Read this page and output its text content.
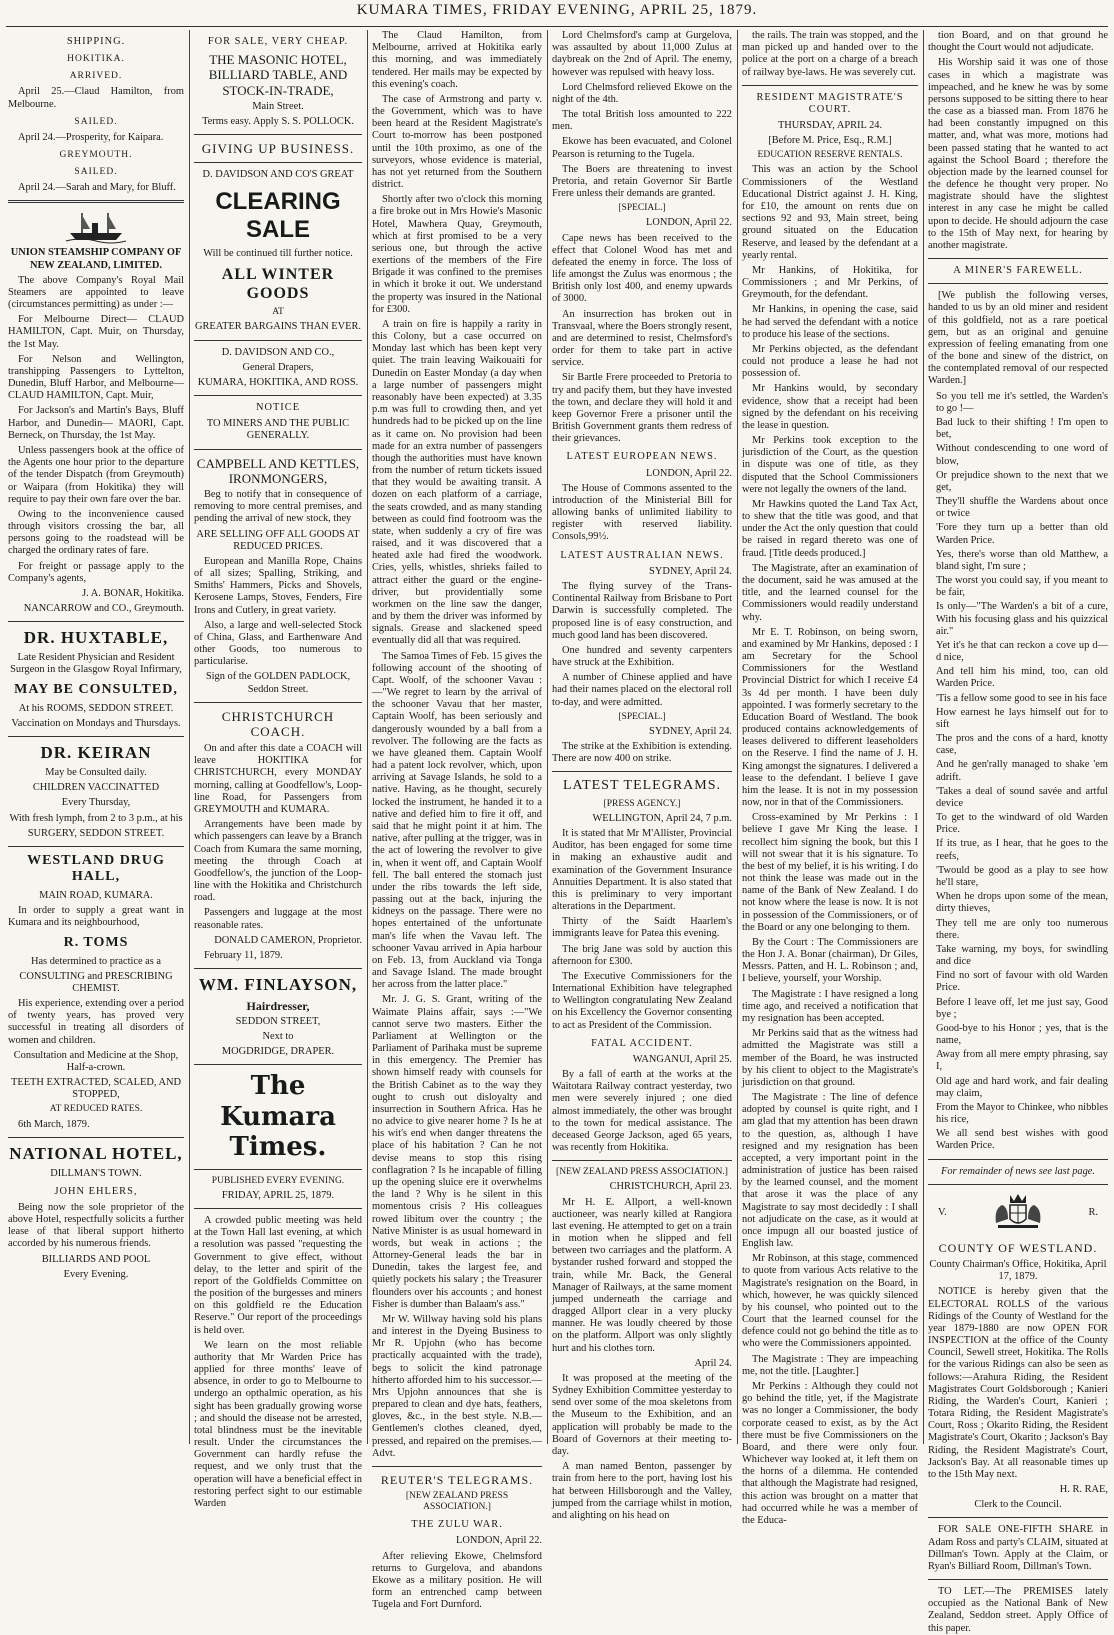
KUMARA TIMES, FRIDAY EVENING, APRIL 25, 1879.
SHIPPING.
HOKITIKA.
ARRIVED.

April 25.—Claud Hamilton, from Melbourne.

SAILED.

April 24.—Prosperity, for Kaipara.

GREYMOUTH.
SAILED.

April 24.—Sarah and Mary, for Bluff.

UNION STEAMSHIP COMPANY OF NEW ZEALAND, LIMITED.

The above Company's Royal Mail Steamers are appointed to leave (circumstances permitting) as under :—

For Melbourne Direct— CLAUD HAMILTON, Capt. Muir, on Thursday, the 1st May.

For Nelson and Wellington, transhipping Passengers to Lyttelton, Dunedin, Bluff Harbor, and Melbourne— CLAUD HAMILTON, Capt. Muir,

For Jackson's and Martin's Bays, Bluff Harbor, and Dunedin— MAORI, Capt. Berneck, on Thursday, the 1st May.

Unless passengers book at the office of the Agents one hour prior to the departure of the tender Dispatch (from Greymouth) or Waipara (from Hokitika) they will require to pay their own fare over the bar.

Owing to the inconvenience caused through visitors crossing the bar, all persons going to the roadstead will be charged the ordinary rates of fare.

For freight or passage apply to the Company's agents,

J. A. BONAR, Hokitika.

NANCARROW and CO., Greymouth.

DR. HUXTABLE,

Late Resident Physician and Resident Surgeon in the Glasgow Royal Infirmary,

MAY BE CONSULTED,

At his ROOMS, SEDDON STREET.

Vaccination on Mondays and Thursdays.

DR. KEIRAN

May be Consulted daily.

CHILDREN VACCINATTED

Every Thursday,

With fresh lymph, from 2 to 3 p.m., at his

SURGERY, SEDDON STREET.

WESTLAND DRUG HALL,

MAIN ROAD, KUMARA.

In order to supply a great want in Kumara and its neighbourhood,

R. TOMS

Has determined to practice as a

CONSULTING and PRESCRIBING CHEMIST.

His experience, extending over a period of twenty years, has proved very successful in treating all disorders of women and children.

Consultation and Medicine at the Shop, Half-a-crown.

TEETH EXTRACTED, SCALED, AND STOPPED,

AT REDUCED RATES.

6th March, 1879.

NATIONAL HOTEL,

DILLMAN'S TOWN.

JOHN EHLERS,

Being now the sole proprietor of the above Hotel, respectfully solicits a further lease of that liberal support hitherto accorded by his numerous friends.

BILLIARDS AND POOL

Every Evening.

FOR SALE, VERY CHEAP.

THE MASONIC HOTEL, BILLIARD TABLE, AND STOCK-IN-TRADE,

Main Street.

Terms easy. Apply S. S. POLLOCK.

GIVING UP BUSINESS.

D. DAVIDSON AND CO'S GREAT

CLEARING SALE

Will be continued till further notice.

ALL WINTER GOODS

AT

GREATER BARGAINS THAN EVER.

D. DAVIDSON AND CO.,

General Drapers,

KUMARA, HOKITIKA, AND ROSS.

NOTICE

TO MINERS AND THE PUBLIC GENERALLY.

CAMPBELL AND KETTLES, IRONMONGERS,

Beg to notify that in consequence of removing to more central premises, and pending the arrival of new stock, they

ARE SELLING OFF ALL GOODS AT REDUCED PRICES.

European and Manilla Rope, Chains of all sizes; Spalling, Striking, and Smiths' Hammers, Picks and Shovels, Kerosene Lamps, Stoves, Fenders, Fire Irons and Cutlery, in great variety.

Also, a large and well-selected Stock of China, Glass, and Earthenware And other Goods, too numerous to particularise.

Sign of the GOLDEN PADLOCK, Seddon Street.

CHRISTCHURCH COACH.

On and after this date a COACH will leave HOKITIKA for CHRISTCHURCH, every MONDAY morning, calling at Goodfellow's, Loop-line Road, for Passengers from GREYMOUTH and KUMARA.

Arrangements have been made by which passengers can leave by a Branch Coach from Kumara the same morning, meeting the through Coach at Goodfellow's, the junction of the Loop-line with the Hokitika and Christchurch road.

Passengers and luggage at the most reasonable rates.

DONALD CAMERON, Proprietor.

February 11, 1879.

WM. FINLAYSON,

Hairdresser,

SEDDON STREET,

Next to

MOGDRIDGE, DRAPER.

The Kumara Times.

PUBLISHED EVERY EVENING.

FRIDAY, APRIL 25, 1879.

A crowded public meeting was held at the Town Hall last evening, at which a resolution was passed "requesting the Government to give effect, without delay, to the letter and spirit of the report of the Goldfields Committee on the position of the burgesses and miners on this goldfield re the Education Reserve." Our report of the proceedings is held over.

We learn on the most reliable authority that Mr Warden Price has applied for three months' leave of absence, in order to go to Melbourne to undergo an opthalmic operation, as his sight has been gradually growing worse ; and should the disease not be arrested, total blindness must be the inevitable result. Under the circumstances the Government can hardly refuse the request, and we only trust that the operation will have a beneficial effect in restoring perfect sight to our estimable Warden

The Claud Hamilton, from Melbourne, arrived at Hokitika early this morning, and was immediately tendered. Her mails may be expected by this evening's coach.

The case of Armstrong and party v. the Government, which was to have been heard at the Resident Magistrate's Court to-morrow has been postponed until the 10th proximo, as one of the surveyors, whose evidence is material, has not yet returned from the Southern district.

Shortly after two o'clock this morning a fire broke out in Mrs Howie's Masonic Hotel, Mawhera Quay, Greymouth, which at first promised to be a very serious one, but through the active exertions of the members of the Fire Brigade it was confined to the premises in which it broke it out. We understand the property was insured in the National for £300.

A train on fire is happily a rarity in this Colony, but a case occurred on Monday last which has been kept very quiet. The train leaving Waikouaiti for Dunedin on Easter Monday (a day when a large number of passengers might reasonably have been expected) at 3.35 p.m was full to crowding then, and yet hundreds had to be picked up on the line as it came on. No provision had been made for an extra number of passengers though the authorities must have known from the number of return tickets issued that they would be awaiting transit. A dozen on each platform of a carriage, the seats crowded, and as many standing between as could find footroom was the state, when suddenly a cry of fire was raised, and it was discovered that a heated axle had fired the woodwork. Cries, yells, whistles, shrieks failed to attract either the guard or the engine-driver, but providentially some workmen on the line saw the danger, and by them the driver was informed by signals. Grease and slackened speed eventually did all that was required.

The Samoa Times of Feb. 15 gives the following account of the shooting of Capt. Woolf, of the schooner Vavau :—"We regret to learn by the arrival of the schooner Vavau that her master, Captain Woolf, has been seriously and dangerously wounded by a ball from a revolver. The following are the facts as we have gleaned them. Captain Woolf had a patent lock revolver, which, upon arriving at Savage Islands, he sold to a native. Having, as he thought, securely locked the instrument, he handed it to a native and defied him to fire it off, and said that he might point it at him. The native, after pulling at the trigger, was in the act of lowering the revolver to give in, when it went off, and Captain Woolf fell. The ball entered the stomach just under the ribs towards the left side, passing out at the back, injuring the kidneys on the passage. There were no hopes entertained of the unfortunate man's life when the Vavau left. The schooner Vavau arrived in Apia harbour on Feb. 13, from Auckland via Tonga and Savage Island. The made brought her across from the latter place."

Mr. J. G. S. Grant, writing of the Waimate Plains affair, says :—"We cannot serve two masters. Either the Parliament at Wellington or the Parliament of Parihaka must be supreme in this emergency. The Premier has shown himself ready with counsels for the British Cabinet as to the way they ought to crush out disloyalty and insurrection in Southern Africa. Has he no advice to give nearer home ? Is he at his wit's end when danger threatens the place of his habitation ? Can he not devise means to stop this rising conflagration ? Is he incapable of filling up the opening sluice ere it overwhelms the land ? Why is he silent in this momentous crisis ? His colleagues rowed libitum over the country ; the Native Minister is as usual homeward in words, but weak in actions ; the Attorney-General leads the bar in Dunedin, takes the largest fee, and quietly pockets his salary ; the Treasurer flounders over his accounts ; and honest Fisher is dumber than Balaam's ass."

Mr W. Willway having sold his plans and interest in the Dyeing Business to Mr R. Upjohn (who has become practically acquainted with the trade), begs to solicit the kind patronage hitherto afforded him to his successor.—Mrs Upjohn announces that she is prepared to clean and dye hats, feathers, gloves, &c., in the best style. N.B.—Gentlemen's clothes cleaned, dyed, pressed, and repaired on the premises.—Advt.

REUTER'S TELEGRAMS.

[NEW ZEALAND PRESS ASSOCIATION.]

THE ZULU WAR.

LONDON, April 22.

After relieving Ekowe, Chelmsford returns to Gurgelova, and abandons Ekowe as a military position. He will form an entrenched camp between Tugela and Fort Durnford.

Lord Chelmsford's camp at Gurgelova, was assaulted by about 11,000 Zulus at daybreak on the 2nd of April. The enemy, however was repulsed with heavy loss.

Lord Chelmsford relieved Ekowe on the night of the 4th.

The total British loss amounted to 222 men.

Ekowe has been evacuated, and Colonel Pearson is returning to the Tugela.

The Boers are threatening to invest Pretoria, and retain Governor Sir Bartle Frere unless their demands are granted.

[SPECIAL.]

LONDON, April 22.

Cape news has been received to the effect that Colonel Wood has met and defeated the enemy in force. The loss of life amongst the Zulus was enormous ; the British only lost 400, and enemy upwards of 3000.

An insurrection has broken out in Transvaal, where the Boers strongly resent, and are determined to resist, Chelmsford's order for them to take part in active service.

Sir Bartle Frere proceeded to Pretoria to try and pacify them, but they have invested the town, and declare they will hold it and keep Governor Frere a prisoner until the British Government grants them redress of their grievances.

LATEST EUROPEAN NEWS.

LONDON, April 22.

The House of Commons assented to the introduction of the Ministerial Bill for allowing banks of unlimited liability to register with reserved liability. Consols,99½.

LATEST AUSTRALIAN NEWS.

SYDNEY, April 24.

The flying survey of the Trans-Continental Railway from Brisbane to Port Darwin is successfully completed. The proposed line is of easy construction, and much good land has been discovered.

One hundred and seventy carpenters have struck at the Exhibition.

A number of Chinese applied and have had their names placed on the electoral roll to-day, and were admitted.

[SPECIAL.]

SYDNEY, April 24.

The strike at the Exhibition is extending. There are now 400 on strike.

LATEST TELEGRAMS.

[PRESS AGENCY.]

WELLINGTON, April 24, 7 p.m.

It is stated that Mr M'Allister, Provincial Auditor, has been engaged for some time in making an exhaustive audit and examination of the Government Insurance Annuities Department. It is also stated that this is preliminary to very important alterations in the Department.

Thirty of the Saidt Haarlem's immigrants leave for Patea this evening.

The brig Jane was sold by auction this afternoon for £300.

The Executive Commissioners for the International Exhibition have telegraphed to Wellington congratulating New Zealand on his Excellency the Governor consenting to act as President of the Commission.

FATAL ACCIDENT.

WANGANUI, April 25.

By a fall of earth at the works at the Waitotara Railway contract yesterday, two men were severely injured ; one died almost immediately, the other was brought to the town for medical assistance. The deceased George Jackson, aged 65 years, was recently from Hokitika.

[NEW ZEALAND PRESS ASSOCIATION.]

CHRISTCHURCH, April 23.

Mr H. E. Allport, a well-known auctioneer, was nearly killed at Rangiora last evening. He attempted to get on a train in motion when he slipped and fell between two carriages and the platform. A bystander rushed forward and stopped the train, while Mr. Back, the General Manager of Railways, at the same moment jumped underneath the carriage and dragged Allport clear in a very plucky manner. He was loudly cheered by those on the platform. Allport was only slightly hurt and his clothes torn.

April 24.

It was proposed at the meeting of the Sydney Exhibition Committee yesterday to send over some of the moa skeletons from the Museum to the Exhibition, and an application will probably be made to the Board of Governors at their meeting to-day.

A man named Benton, passenger by train from here to the port, having lost his hat between Hillsborough and the Valley, jumped from the carriage whilst in motion, and alighting on his head on

the rails. The train was stopped, and the man picked up and handed over to the police at the port on a charge of a breach of railway bye-laws. He was severely cut.

RESIDENT MAGISTRATE'S COURT.

THURSDAY, APRIL 24.

[Before M. Price, Esq., R.M.]

EDUCATION RESERVE RENTALS.

This was an action by the School Commissioners of the Westland Educational District against J. H. King, for £10, the amount on rents due on sections 92 and 93, Main street, being ground situated on the Education Reserve, and leased by the defendant at a yearly rental.

Mr Hankins, of Hokitika, for Commissioners ; and Mr Perkins, of Greymouth, for the defendant.

Mr Hankins, in opening the case, said he had served the defendant with a notice to produce his lease of the sections.

Mr Perkins objected, as the defendant could not produce a lease he had not possession of.

Mr Hankins would, by secondary evidence, show that a receipt had been signed by the defendant on his receiving the lease in question.

Mr Perkins took exception to the jurisdiction of the Court, as the question in dispute was one of title, as they disputed that the School Commissioners were not legally the owners of the land.

Mr Hawkins quoted the Land Tax Act, to shew that the title was good, and that under the Act the only question that could be raised in regard thereto was one of fraud. [Title deeds produced.]

The Magistrate, after an examination of the document, said he was amused at the title, and the learned counsel for the Commissioners would readily understand why.

Mr E. T. Robinson, on being sworn, and examined by Mr Hankins, deposed : I am Secretary for the School Commissioners for the Westland Provincial District for which I receive £4 3s 4d per month. I have been duly appointed. I was formerly secretary to the Education Board of Westland. The book produced contains acknowledgements of leases delivered to different leaseholders on the Reserve. I find the name of J. H. King amongst the signatures. I delivered a lease to the defendant. I believe I gave him the lease. It is not in my possession now, nor in that of the Commissioners.

Cross-examined by Mr Perkins : I believe I gave Mr King the lease. I recollect him signing the book, but this I will not swear that it is his signature. To the best of my belief, it is his writing. I do not think the lease was made out in the name of the Bank of New Zealand. I do not know where the lease is now. It is not in possession of the Commissioners, or of the Board or any one belonging to them.

By the Court : The Commissioners are the Hon J. A. Bonar (chairman), Dr Giles, Messrs. Patten, and H. L. Robinson ; and, I believe, yourself, your Worship.

The Magistrate : I have resigned a long time ago, and received a notification that my resignation has been accepted.

Mr Perkins said that as the witness had admitted the Magistrate was still a member of the Board, he was instructed by his client to object to the Magistrate's jurisdiction on that ground.

The Magistrate : The line of defence adopted by counsel is quite right, and I am glad that my attention has been drawn to the question, as, although I have resigned and my resignation has been accepted, a very important point in the administration of justice has been raised by the learned counsel, and the moment that arose it was the place of any Magistrate to say most decidedly : I shall not adjudicate on the case, as it would at once impugn all our boasted justice of English law.

Mr Robinson, at this stage, commenced to quote from various Acts relative to the Magistrate's resignation on the Board, in which, however, he was quickly silenced by his counsel, who pointed out to the Court that the learned counsel for the defence could not go behind the title as to who were the Commissioners appointed.

The Magistrate : They are impeaching me, not the title. [Laughter.]

Mr Perkins : Although they could not go behind the title, yet, if the Magistrate was no longer a Commissioner, the body corporate ceased to exist, as by the Act there must be five Commissioners on the Board, and there were only four. Whichever way looked at, it left them on the horns of a dilemma. He contended that although the Magistrate had resigned, this action was brought on a matter that had occurred while he was a member of the Educa-

tion Board, and on that ground he thought the Court would not adjudicate.

His Worship said it was one of those cases in which a magistrate was impeached, and he knew he was by some persons supposed to be sitting there to hear the case as a biassed man. From 1876 he had been constantly impugned on this matter, and, what was more, motions had been passed stating that he wanted to act against the School Board ; therefore the objection made by the learned counsel for the defence he thought very proper. No magistrate should have the slightest interest in any case he might be called upon to decide. He should adjourn the case to the 15th of May next, for hearing by another magistrate.

A MINER'S FAREWELL.

[We publish the following verses, handed to us by an old miner and resident of this goldfield, not as a rare poetical gem, but as an original and genuine expression of feeling emanating from one of the bone and sinew of the district, on the contemplated removal of our respected Warden.]

So you tell me it's settled, the Warden's to go !—

Bad luck to their shifting ! I'm open to bet,

Without condescending to one word of blow,

Or prejudice shown to the next that we get,

They'll shuffle the Wardens about once or twice

'Fore they turn up a better than old Warden Price.

Yes, there's worse than old Matthew, a bland sight, I'm sure ;

The worst you could say, if you meant to be fair,

Is only—"The Warden's a bit of a cure, With his focusing glass and his quizzical air."

Yet it's he that can reckon a cove up d—d nice,

And tell him his mind, too, can old Warden Price.

'Tis a fellow some good to see in his face

How earnest he lays himself out for to sift

The pros and the cons of a hard, knotty case,

And he gen'rally managed to shake 'em adrift.

'Takes a deal of sound savée and artful device

To get to the windward of old Warden Price.

If its true, as I hear, that he goes to the reefs,

'Twould be good as a play to see how he'll stare,

When he drops upon some of the mean, dirty thieves,

They tell me are only too numerous there.

Take warning, my boys, for swindling and dice

Find no sort of favour with old Warden Price.

Before I leave off, let me just say, Good bye ;

Good-bye to his Honor ; yes, that is the name,

Away from all mere empty phrasing, say I,

Old age and hard work, and fair dealing may claim,

From the Mayor to Chinkee, who nibbles his rice,

We all send best wishes with good Warden Price.

For remainder of news see last page.

V.	R.
COUNTY OF WESTLAND.

County Chairman's Office, Hokitika, April 17, 1879.

NOTICE is hereby given that the ELECTORAL ROLLS of the various Ridings of the County of Westland for the year 1879-1880 are now OPEN FOR INSPECTION at the office of the County Council, Sewell street, Hokitika. The Rolls for the various Ridings can also be seen as follows:—Arahura Riding, the Resident Magistrates Court Goldsborough ; Kanieri Riding, the Warden's Court, Kanieri ; Totara Riding, the Resident Magistrate's Court, Ross ; Okarito Riding, the Resident Magistrate's Court, Okarito ; Jackson's Bay Riding, the Resident Magistrate's Court, Jackson's Bay. At all reasonable times up to the 15th May next.

H. R. RAE,

Clerk to the Council.

FOR SALE ONE-FIFTH SHARE in Adam Ross and party's CLAIM, situated at Dillman's Town. Apply at the Claim, or Ryan's Billiard Room, Dillman's Town.

TO LET.—The PREMISES lately occupied as the National Bank of New Zealand, Seddon street. Apply Office of this paper.
